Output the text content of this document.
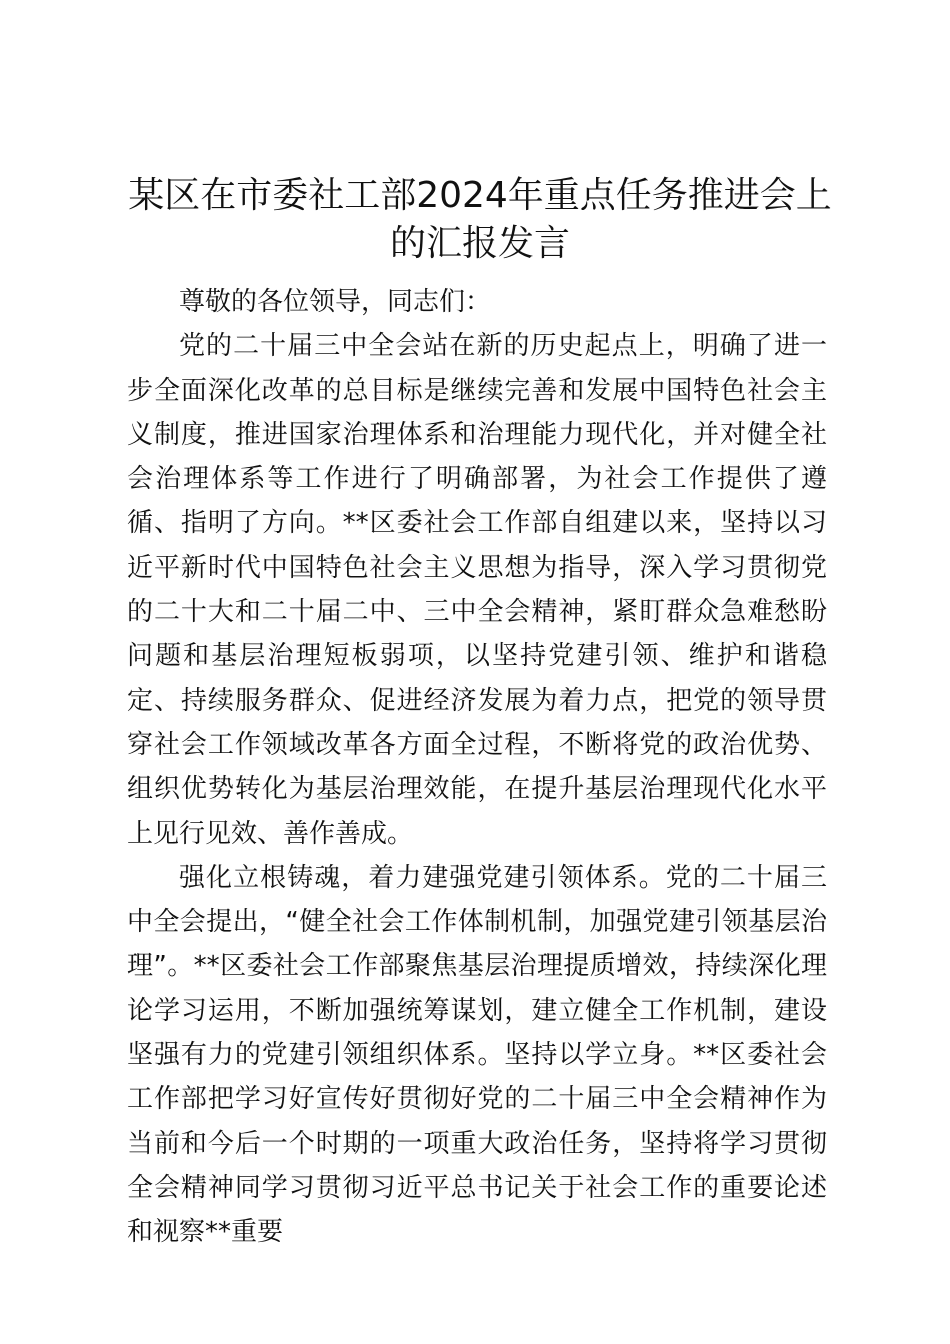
某区在市委社工部2024年重点任务推进会上的汇报发言

尊敬的各位领导，同志们：

党的二十届三中全会站在新的历史起点上，明确了进一步全面深化改革的总目标是继续完善和发展中国特色社会主义制度，推进国家治理体系和治理能力现代化，并对健全社会治理体系等工作进行了明确部署，为社会工作提供了遵循、指明了方向。**区委社会工作部自组建以来，坚持以习近平新时代中国特色社会主义思想为指导，深入学习贯彻党的二十大和二十届二中、三中全会精神，紧盯群众急难愁盼问题和基层治理短板弱项，以坚持党建引领、维护和谐稳定、持续服务群众、促进经济发展为着力点，把党的领导贯穿社会工作领域改革各方面全过程，不断将党的政治优势、组织优势转化为基层治理效能，在提升基层治理现代化水平上见行见效、善作善成。

强化立根铸魂，着力建强党建引领体系。党的二十届三中全会提出，“健全社会工作体制机制，加强党建引领基层治理”。**区委社会工作部聚焦基层治理提质增效，持续深化理论学习运用，不断加强统筹谋划，建立健全工作机制，建设坚强有力的党建引领组织体系。坚持以学立身。**区委社会工作部把学习好宣传好贯彻好党的二十届三中全会精神作为当前和今后一个时期的一项重大政治任务，坚持将学习贯彻全会精神同学习贯彻习近平总书记关于社会工作的重要论述和视察**重要
